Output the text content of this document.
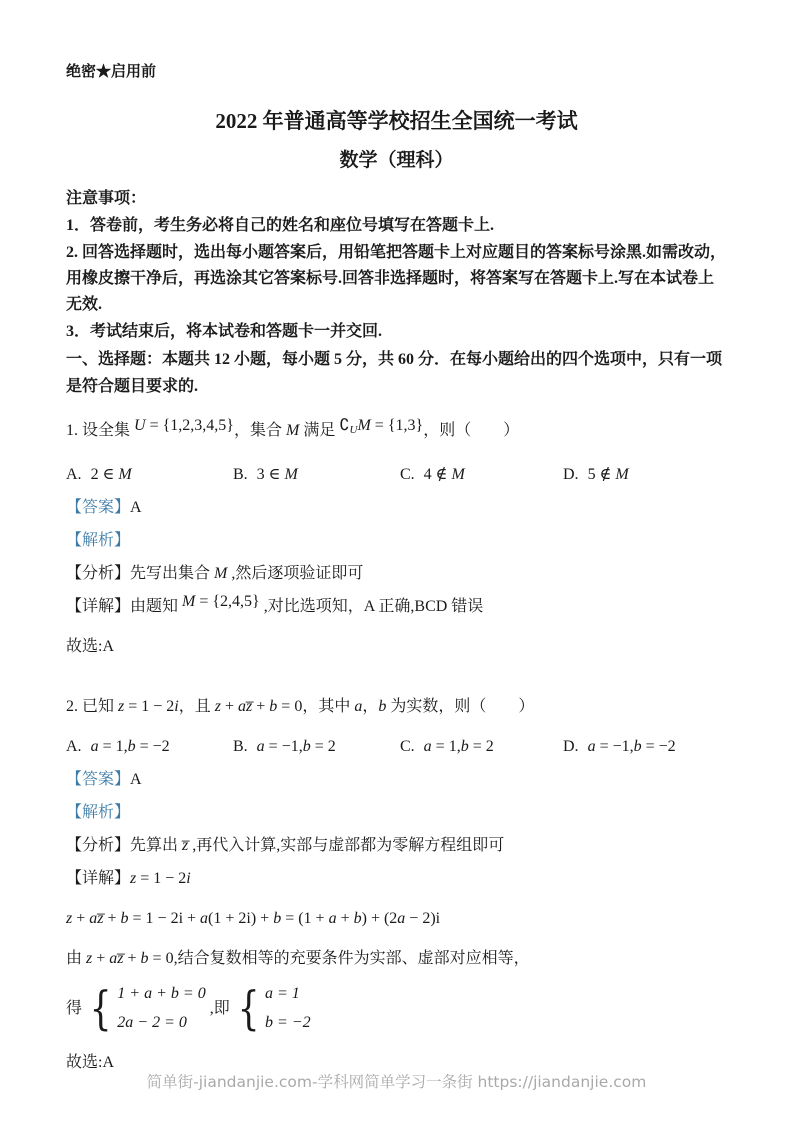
绝密★启用前
2022 年普通高等学校招生全国统一考试
数学（理科）

注意事项：

1．答卷前，考生务必将自己的姓名和座位号填写在答题卡上.

2. 回答选择题时，选出每小题答案后，用铅笔把答题卡上对应题目的答案标号涂黑.如需改动，用橡皮擦干净后，再选涂其它答案标号.回答非选择题时，将答案写在答题卡上.写在本试卷上无效.

3．考试结束后，将本试卷和答题卡一并交回.

一、选择题：本题共 12 小题，每小题 5 分，共 60 分．在每小题给出的四个选项中，只有一项是符合题目要求的.

1. 设全集 U = {1,2,3,4,5}，集合 M 满足 $∁_UM = \{1,3\}$，则（　　）

A. 2 ∈ M	B. 3 ∈ M	C. 4 ∉ M	D. 5 ∉ M

【答案】A

【解析】

【分析】先写出集合 M ,然后逐项验证即可

【详解】由题知 M = {2,4,5} ,对比选项知，A 正确,BCD 错误

故选:A

2. 已知 z = 1 − 2i，且 z + az̅ + b = 0，其中 a，b 为实数，则（　　）

A. a = 1,b = −2	B. a = −1,b = 2	C. a = 1,b = 2	D. a = −1,b = −2

【答案】A

【解析】

【分析】先算出 z̅ ,再代入计算,实部与虚部都为零解方程组即可

【详解】z = 1 − 2i

z + az̅ + b = 1 − 2i + a(1 + 2i) + b = (1 + a + b) + (2a − 2)i

由 z + az̅ + b = 0,结合复数相等的充要条件为实部、虚部对应相等，

得 { 1 + a + b = 0
2a − 2 = 0
,即 { a = 1
b = −2

故选:A

简单街-jiandanjie.com-学科网简单学习一条街 https://jiandanjie.com
